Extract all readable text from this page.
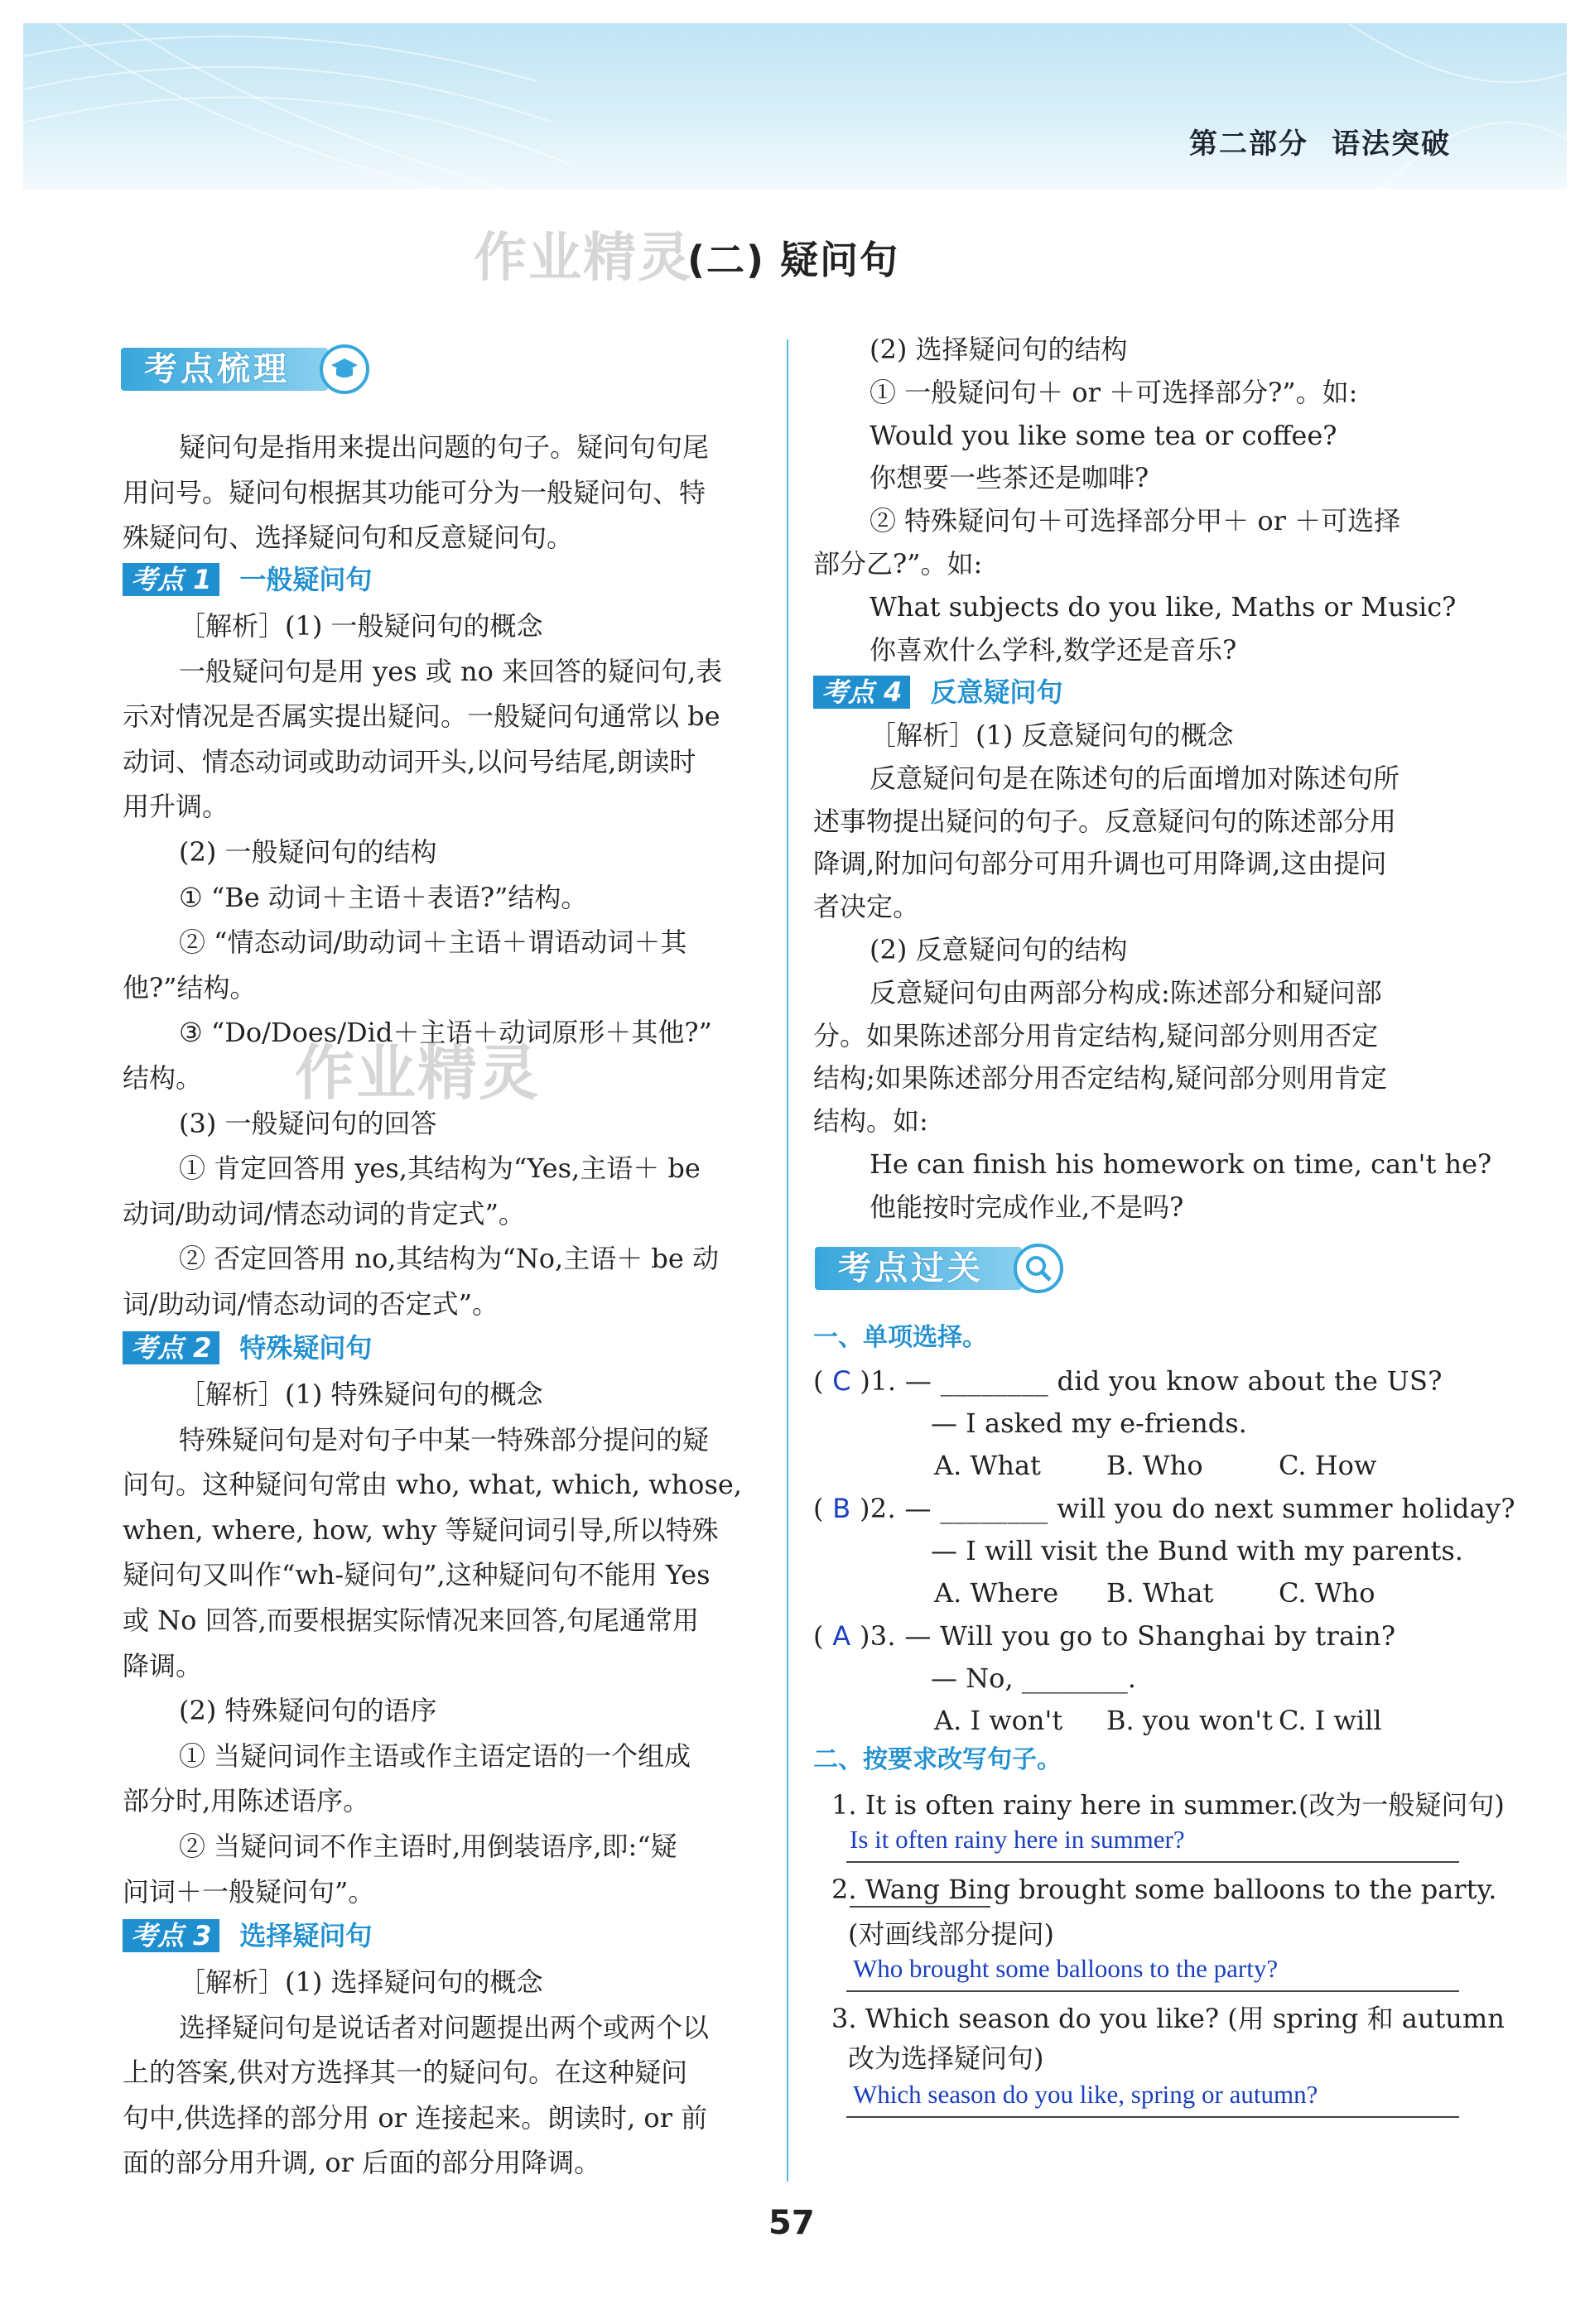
第二部分 语法突破
作业精灵
(二) 疑问句
作业精灵
考点梳理
57
疑问句是指用来提出问题的句子。疑问句句尾
用问号。疑问句根据其功能可分为一般疑问句、特
殊疑问句、选择疑问句和反意疑问句。
考点 1 一般疑问句
［解析］(1) 一般疑问句的概念
一般疑问句是用 yes 或 no 来回答的疑问句,表
示对情况是否属实提出疑问。一般疑问句通常以 be
动词、情态动词或助动词开头,以问号结尾,朗读时
用升调。
(2) 一般疑问句的结构
① “Be 动词＋主语＋表语?”结构。
② “情态动词/助动词＋主语＋谓语动词＋其
他?”结构。
③ “Do/Does/Did＋主语＋动词原形＋其他?”
结构。
(3) 一般疑问句的回答
① 肯定回答用 yes,其结构为“Yes,主语＋ be
动词/助动词/情态动词的肯定式”。
② 否定回答用 no,其结构为“No,主语＋ be 动
词/助动词/情态动词的否定式”。
考点 2 特殊疑问句
［解析］(1) 特殊疑问句的概念
特殊疑问句是对句子中某一特殊部分提问的疑
问句。这种疑问句常由 who, what, which, whose,
when, where, how, why 等疑问词引导,所以特殊
疑问句又叫作“wh-疑问句”,这种疑问句不能用 Yes
或 No 回答,而要根据实际情况来回答,句尾通常用
降调。
(2) 特殊疑问句的语序
① 当疑问词作主语或作主语定语的一个组成
部分时,用陈述语序。
② 当疑问词不作主语时,用倒装语序,即:“疑
问词＋一般疑问句”。
考点 3 选择疑问句
［解析］(1) 选择疑问句的概念
选择疑问句是说话者对问题提出两个或两个以
上的答案,供对方选择其一的疑问句。在这种疑问
句中,供选择的部分用 or 连接起来。朗读时, or 前
面的部分用升调, or 后面的部分用降调。
(2) 选择疑问句的结构
① 一般疑问句＋ or ＋可选择部分?”。如:
Would you like some tea or coffee?
你想要一些茶还是咖啡?
② 特殊疑问句＋可选择部分甲＋ or ＋可选择
部分乙?”。如:
What subjects do you like, Maths or Music?
你喜欢什么学科,数学还是音乐?
考点 4 反意疑问句
［解析］(1) 反意疑问句的概念
反意疑问句是在陈述句的后面增加对陈述句所
述事物提出疑问的句子。反意疑问句的陈述部分用
降调,附加问句部分可用升调也可用降调,这由提问
者决定。
(2) 反意疑问句的结构
反意疑问句由两部分构成:陈述部分和疑问部
分。如果陈述部分用肯定结构,疑问部分则用否定
结构;如果陈述部分用否定结构,疑问部分则用肯定
结构。如:
He can finish his homework on time, can't he?
他能按时完成作业,不是吗?
考点过关
一、单项选择。
( C )1. — ________ did you know about the US?
— I asked my e-friends.
A. What B. Who	C. How
( B )2. — ________ will you do next summer holiday?
— I will visit the Bund with my parents.
A. Where B. What C. Who
( A )3. — Will you go to Shanghai by train?
— No, ________.
A. I won't B. you won't C. I will
二、按要求改写句子。
1. It is often rainy here in summer.(改为一般疑问句)
Is it often rainy here in summer?
2. Wang Bing brought some balloons to the party.
(对画线部分提问)
Who brought some balloons to the party?
3. Which season do you like? (用 spring 和 autumn
改为选择疑问句)
Which season do you like, spring or autumn?
